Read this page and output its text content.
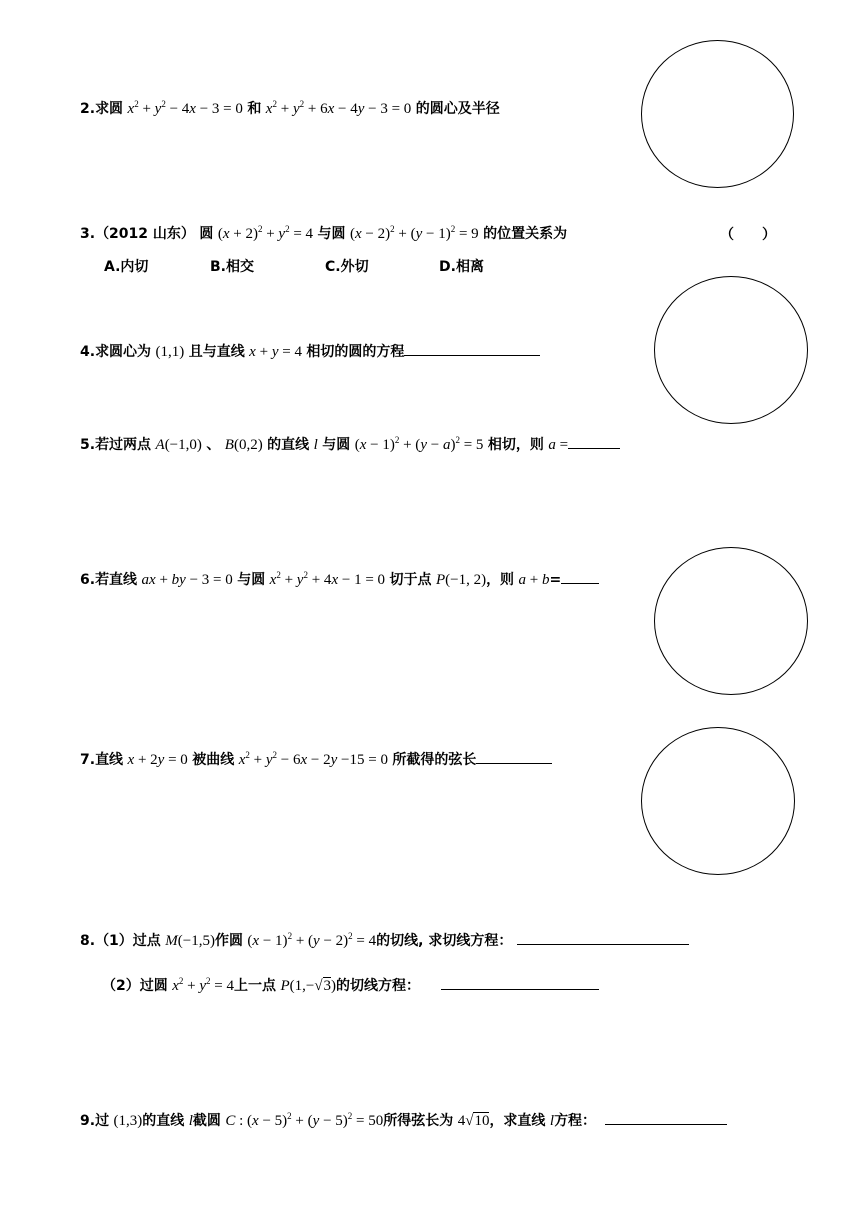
2.求圆 $x^2 + y^2 - 4x - 3 = 0$ 和 $x^2 + y^2 + 6x - 4y - 3 = 0$ 的圆心及半径
3.（2012 山东） 圆 $(x + 2)^2 + y^2 = 4$ 与圆 $(x - 2)^2 + (y - 1)^2 = 9$ 的位置关系为	（　　）
A.内切	B.相交	C.外切	D.相离
4.求圆心为 (1,1) 且与直线 x + y = 4 相切的圆的方程
5.若过两点 A(−1,0) 、 B(0,2) 的直线 l 与圆 $(x - 1)^2 + (y - a)^2 = 5$ 相切，则 a =
6.若直线 ax + by − 3 = 0 与圆 $x^2 + y^2 + 4x - 1 = 0$ 切于点 P(−1, 2)，则 a + b=
7.直线 x + 2y = 0 被曲线 $x^2 + y^2 - 6x - 2y -15 = 0$ 所截得的弦长
8.（1）过点 M(−1,5)作圆 $(x - 1)^2 + (y - 2)^2 = 4$的切线, 求切线方程：
（2）过圆 $x^2 + y^2 = 4$上一点 P(1,−√3)的切线方程：
9.过 (1,3)的直线 l截圆 C : $(x - 5)^2 + (y - 5)^2 = 50$所得弦长为 4√10，求直线 l方程：
